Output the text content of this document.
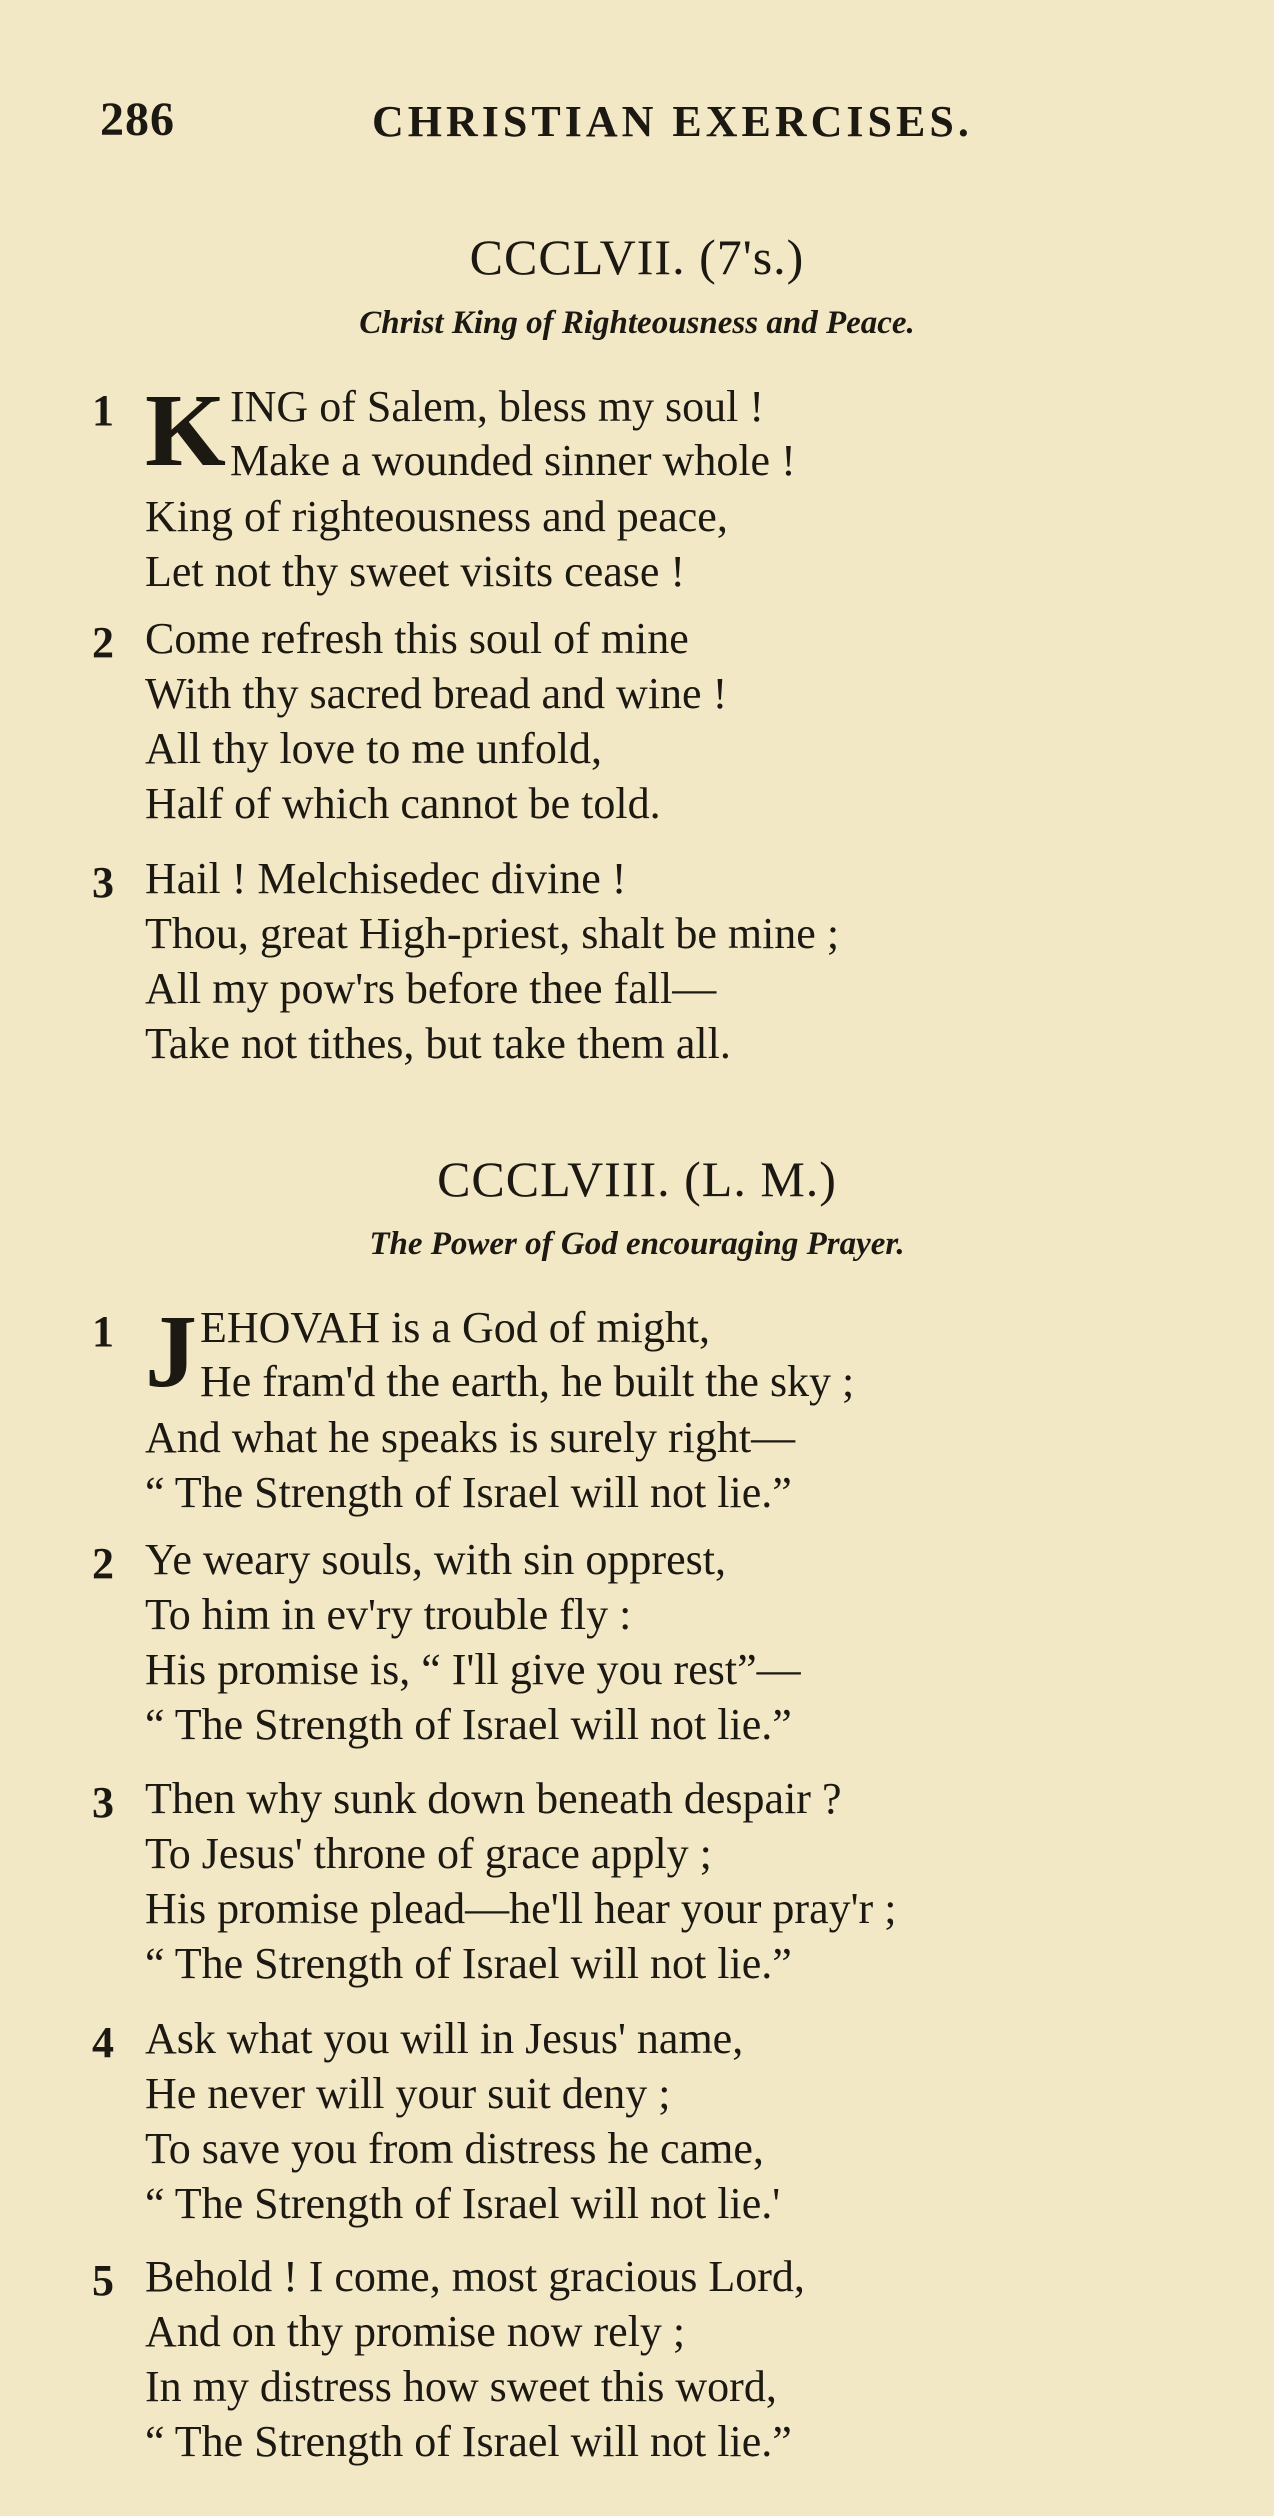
286	CHRISTIAN EXERCISES.
CCCLVII. (7's.)
Christ King of Righteousness and Peace.
1 K ING of Salem, bless my soul !
Make a wounded sinner whole !
King of righteousness and peace,
Let not thy sweet visits cease !
2 Come refresh this soul of mine
With thy sacred bread and wine !
All thy love to me unfold,
Half of which cannot be told.
3 Hail ! Melchisedec divine !
Thou, great High-priest, shalt be mine ;
All my pow'rs before thee fall—
Take not tithes, but take them all.
CCCLVIII. (L. M.)
The Power of God encouraging Prayer.
1 J EHOVAH is a God of might,
He fram'd the earth, he built the sky ;
And what he speaks is surely right—
“ The Strength of Israel will not lie.”
2 Ye weary souls, with sin opprest,
To him in ev'ry trouble fly :
His promise is, “ I'll give you rest”—
“ The Strength of Israel will not lie.”
3 Then why sunk down beneath despair ?
To Jesus' throne of grace apply ;
His promise plead—he'll hear your pray'r ;
“ The Strength of Israel will not lie.”
4 Ask what you will in Jesus' name,
He never will your suit deny ;
To save you from distress he came,
“ The Strength of Israel will not lie.'
5 Behold ! I come, most gracious Lord,
And on thy promise now rely ;
In my distress how sweet this word,
“ The Strength of Israel will not lie.”
